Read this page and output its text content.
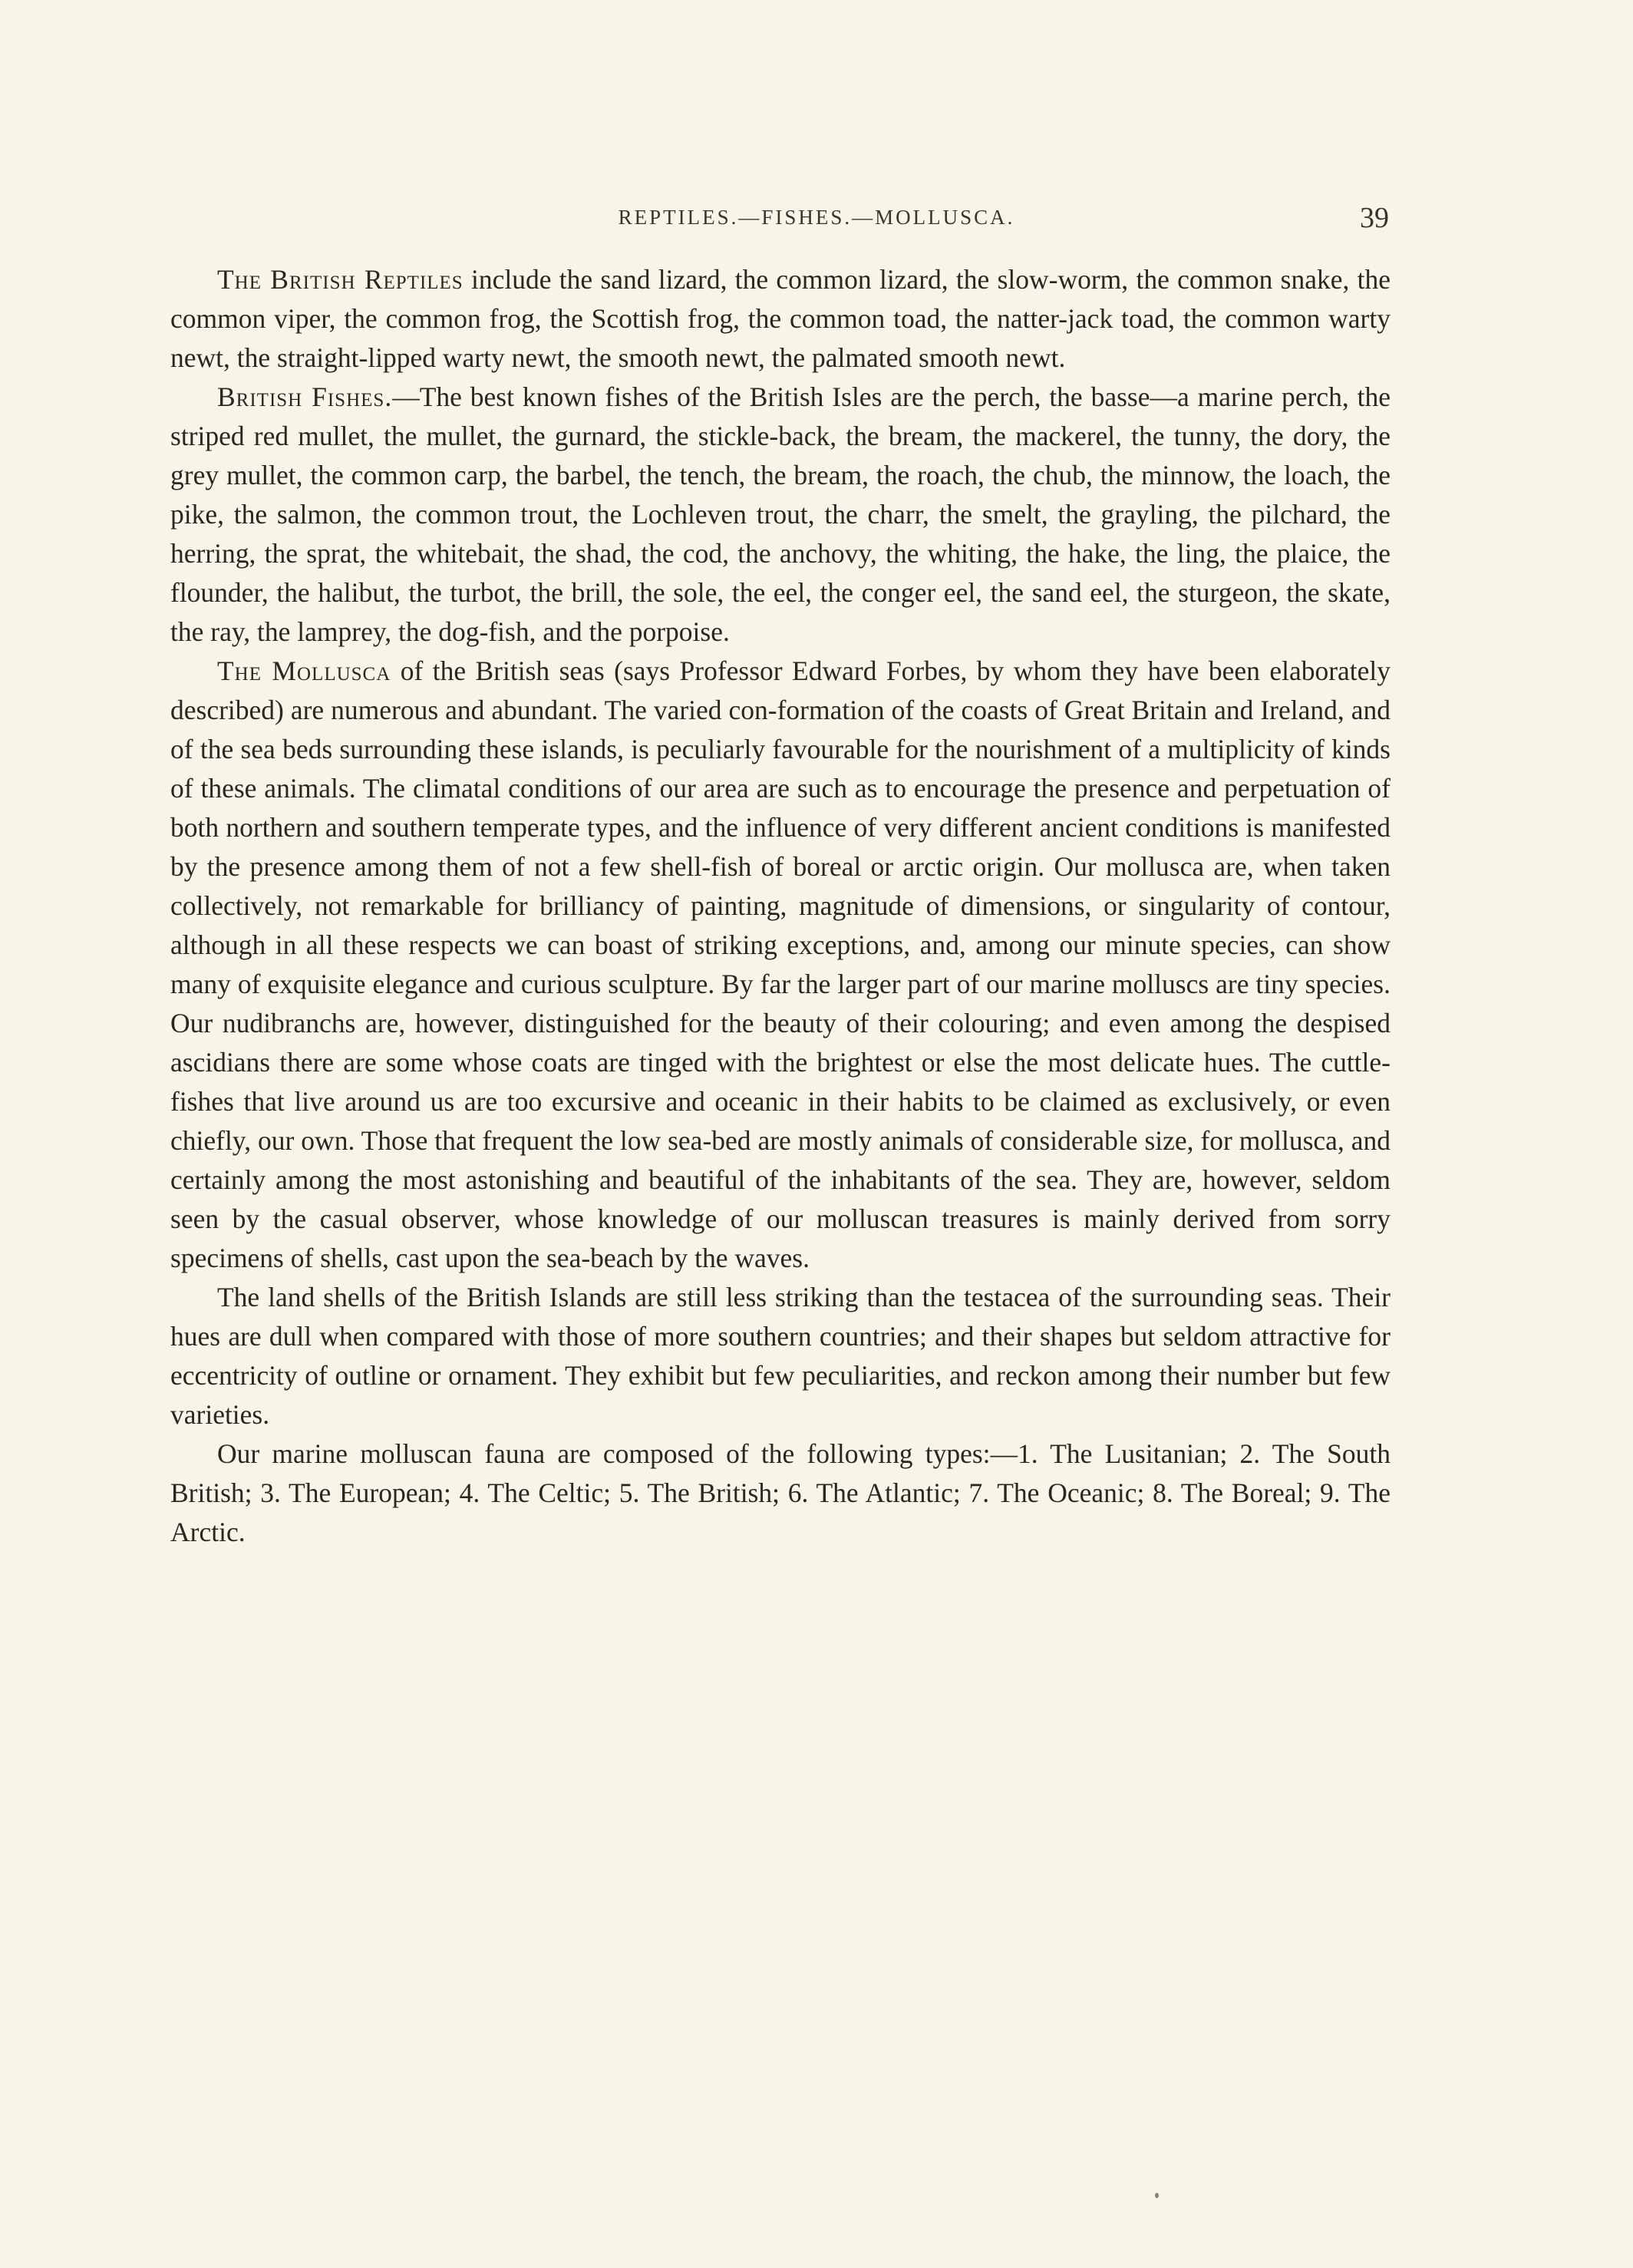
REPTILES.—FISHES.—MOLLUSCA.	39

The British Reptiles include the sand lizard, the common lizard, the slow-worm, the common snake, the common viper, the common frog, the Scottish frog, the common toad, the natter-jack toad, the common warty newt, the straight-lipped warty newt, the smooth newt, the palmated smooth newt.

British Fishes.—The best known fishes of the British Isles are the perch, the basse—a marine perch, the striped red mullet, the mullet, the gurnard, the stickle-back, the bream, the mackerel, the tunny, the dory, the grey mullet, the common carp, the barbel, the tench, the bream, the roach, the chub, the minnow, the loach, the pike, the salmon, the common trout, the Lochleven trout, the charr, the smelt, the grayling, the pilchard, the herring, the sprat, the whitebait, the shad, the cod, the anchovy, the whiting, the hake, the ling, the plaice, the flounder, the halibut, the turbot, the brill, the sole, the eel, the conger eel, the sand eel, the sturgeon, the skate, the ray, the lamprey, the dog-fish, and the porpoise.

The Mollusca of the British seas (says Professor Edward Forbes, by whom they have been elaborately described) are numerous and abundant. The varied con-formation of the coasts of Great Britain and Ireland, and of the sea beds surrounding these islands, is peculiarly favourable for the nourishment of a multiplicity of kinds of these animals. The climatal conditions of our area are such as to encourage the presence and perpetuation of both northern and southern temperate types, and the influence of very different ancient conditions is manifested by the presence among them of not a few shell-fish of boreal or arctic origin. Our mollusca are, when taken collectively, not remarkable for brilliancy of painting, magnitude of dimensions, or singularity of contour, although in all these respects we can boast of striking exceptions, and, among our minute species, can show many of exquisite elegance and curious sculpture. By far the larger part of our marine molluscs are tiny species. Our nudibranchs are, however, distinguished for the beauty of their colouring; and even among the despised ascidians there are some whose coats are tinged with the brightest or else the most delicate hues. The cuttle-fishes that live around us are too excursive and oceanic in their habits to be claimed as exclusively, or even chiefly, our own. Those that frequent the low sea-bed are mostly animals of considerable size, for mollusca, and certainly among the most astonishing and beautiful of the inhabitants of the sea. They are, however, seldom seen by the casual observer, whose knowledge of our molluscan treasures is mainly derived from sorry specimens of shells, cast upon the sea-beach by the waves.

The land shells of the British Islands are still less striking than the testacea of the surrounding seas. Their hues are dull when compared with those of more southern countries; and their shapes but seldom attractive for eccentricity of outline or ornament. They exhibit but few peculiarities, and reckon among their number but few varieties.

Our marine molluscan fauna are composed of the following types:—1. The Lusitanian; 2. The South British; 3. The European; 4. The Celtic; 5. The British; 6. The Atlantic; 7. The Oceanic; 8. The Boreal; 9. The Arctic.
